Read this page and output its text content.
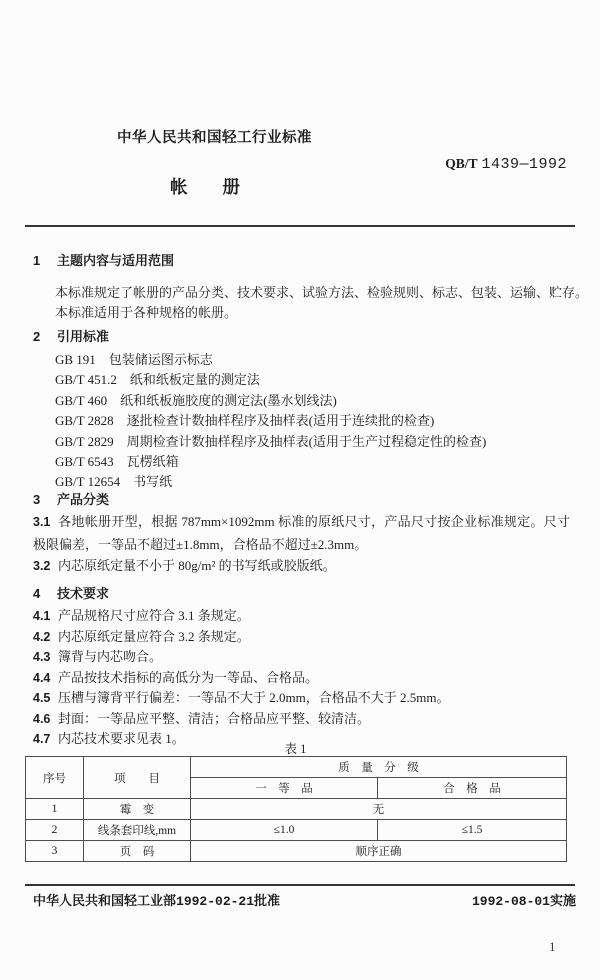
中华人民共和国轻工行业标准
QB/T 1439—1992
帐　　册
1 主题内容与适用范围
本标准规定了帐册的产品分类、技术要求、试验方法、检验规则、标志、包装、运输、贮存。
本标准适用于各种规格的帐册。
2 引用标准
GB 191 包装储运图示标志
GB/T 451.2 纸和纸板定量的测定法
GB/T 460 纸和纸板施胶度的测定法(墨水划线法)
GB/T 2828 逐批检查计数抽样程序及抽样表(适用于连续批的检查)
GB/T 2829 周期检查计数抽样程序及抽样表(适用于生产过程稳定性的检查)
GB/T 6543 瓦楞纸箱
GB/T 12654 书写纸
3 产品分类
3.1 各地帐册开型，根据 787mm×1092mm 标准的原纸尺寸，产品尺寸按企业标准规定。尺寸极限偏差，一等品不超过±1.8mm，合格品不超过±2.3mm。
3.2 内芯原纸定量不小于 80g/m² 的书写纸或胶版纸。
4 技术要求
4.1 产品规格尺寸应符合 3.1 条规定。
4.2 内芯原纸定量应符合 3.2 条规定。
4.3 簿背与内芯吻合。
4.4 产品按技术指标的高低分为一等品、合格品。
4.5 压槽与簿背平行偏差：一等品不大于 2.0mm，合格品不大于 2.5mm。
4.6 封面：一等品应平整、清洁；合格品应平整、较清洁。
4.7 内芯技术要求见表 1。
表 1
序号	项　　目	质　量　分　级	
		一　等　品	合　格　品
1	霉　变	无	
2	线条套印线,mm	≤1.0	≤1.5
3	页　码	顺序正确	
中华人民共和国轻工业部1992-02-21批准	1992-08-01实施
1
